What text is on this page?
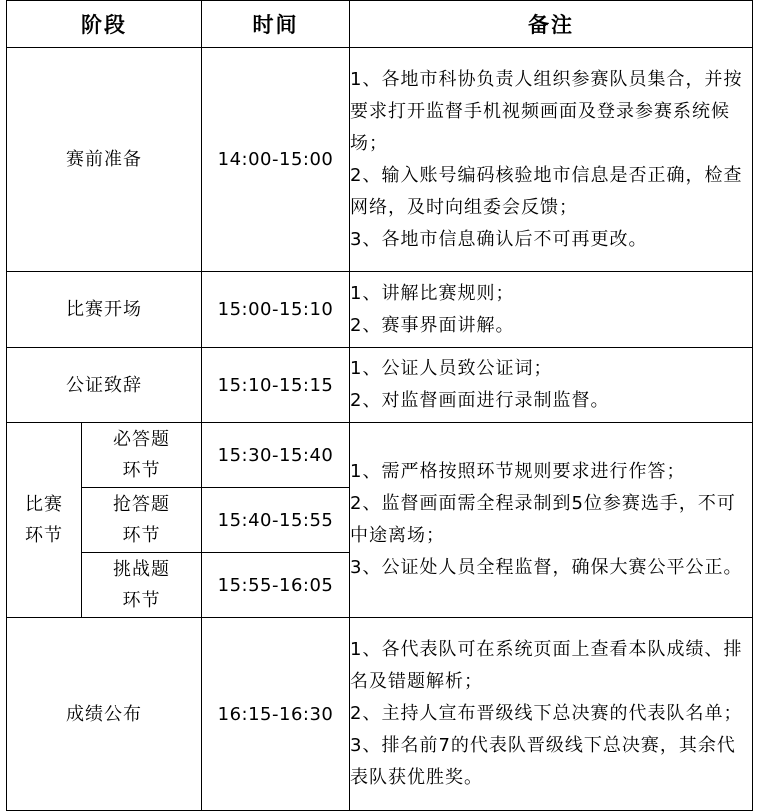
阶段		时间	备注
赛前准备		14:00-15:00	1、各地市科协负责人组织参赛队员集合，并按要求打开监督手机视频画面及登录参赛系统候场；
2、输入账号编码核验地市信息是否正确，检查网络，及时向组委会反馈；
3、各地市信息确认后不可再更改。

比赛开场		15:00-15:10	1、讲解比赛规则；
2、赛事界面讲解。

公证致辞		15:10-15:15	1、公证人员致公证词；
2、对监督画面进行录制监督。

比赛环节	必答题环节	15:30-15:40	1、需严格按照环节规则要求进行作答；
2、监督画面需全程录制到5位参赛选手，不可中途离场；
3、公证处人员全程监督，确保大赛公平公正。

	抢答题环节	15:40-15:55	
	挑战题环节	15:55-16:05	
成绩公布		16:15-16:30	1、各代表队可在系统页面上查看本队成绩、排名及错题解析；
2、主持人宣布晋级线下总决赛的代表队名单；
3、排名前7的代表队晋级线下总决赛，其余代表队获优胜奖。
